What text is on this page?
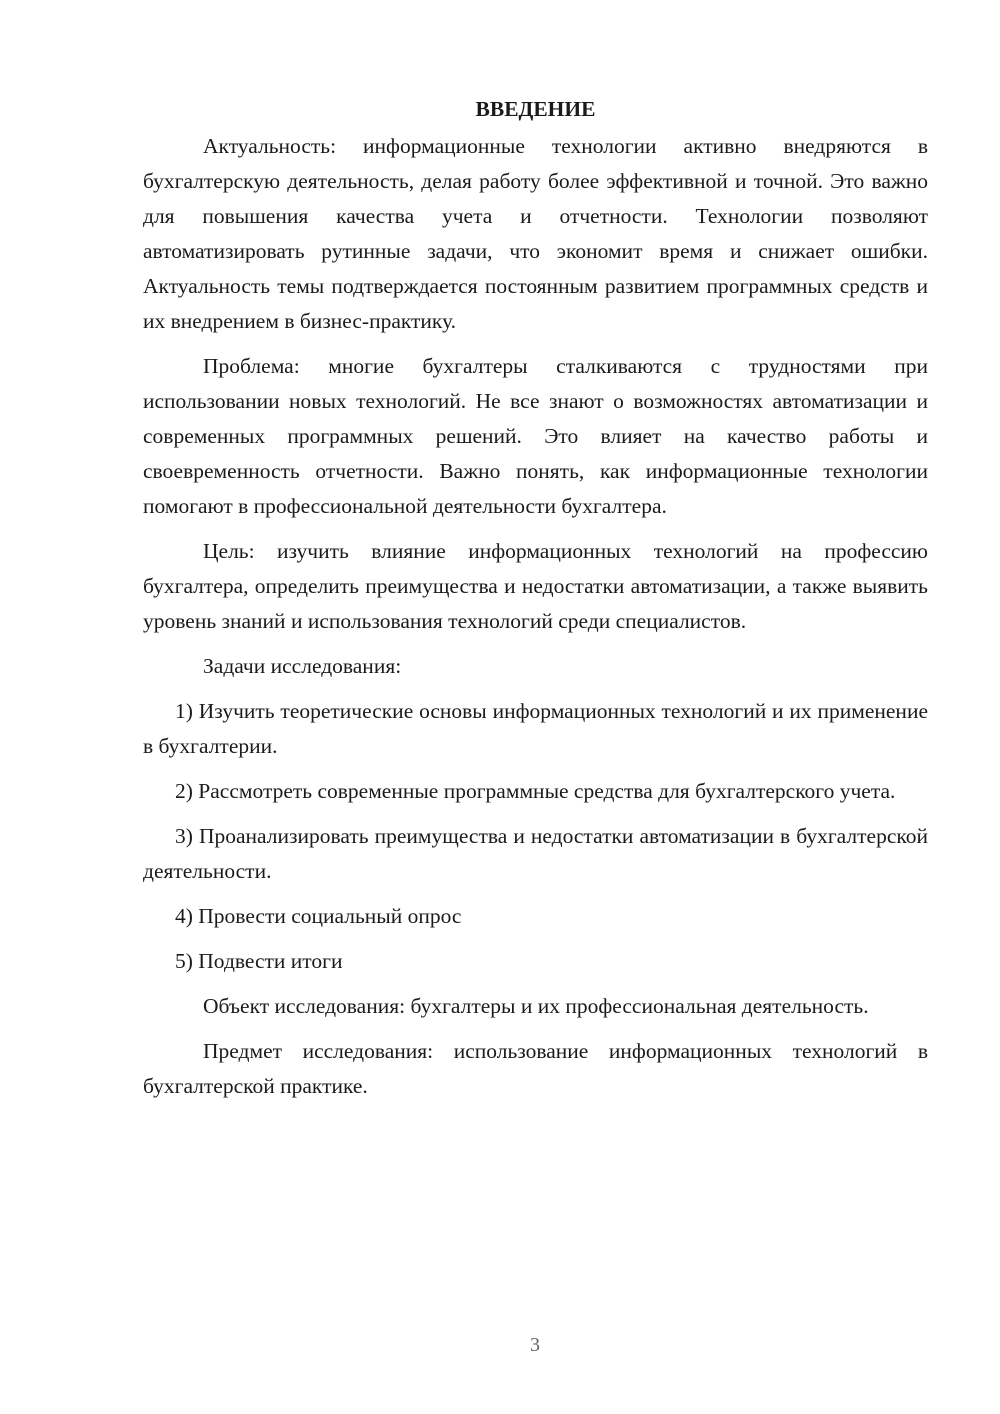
ВВЕДЕНИЕ

Актуальность: информационные технологии активно внедряются в бухгалтерскую деятельность, делая работу более эффективной и точной. Это важно для повышения качества учета и отчетности. Технологии позволяют автоматизировать рутинные задачи, что экономит время и снижает ошибки. Актуальность темы подтверждается постоянным развитием программных средств и их внедрением в бизнес-практику.

Проблема: многие бухгалтеры сталкиваются с трудностями при использовании новых технологий. Не все знают о возможностях автоматизации и современных программных решений. Это влияет на качество работы и своевременность отчетности. Важно понять, как информационные технологии помогают в профессиональной деятельности бухгалтера.

Цель: изучить влияние информационных технологий на профессию бухгалтера, определить преимущества и недостатки автоматизации, а также выявить уровень знаний и использования технологий среди специалистов.

Задачи исследования:

1) Изучить теоретические основы информационных технологий и их применение в бухгалтерии.

2) Рассмотреть современные программные средства для бухгалтерского учета.

3) Проанализировать преимущества и недостатки автоматизации в бухгалтерской деятельности.

4) Провести социальный опрос

5) Подвести итоги

Объект исследования: бухгалтеры и их профессиональная деятельность.

Предмет исследования: использование информационных технологий в бухгалтерской практике.

3
